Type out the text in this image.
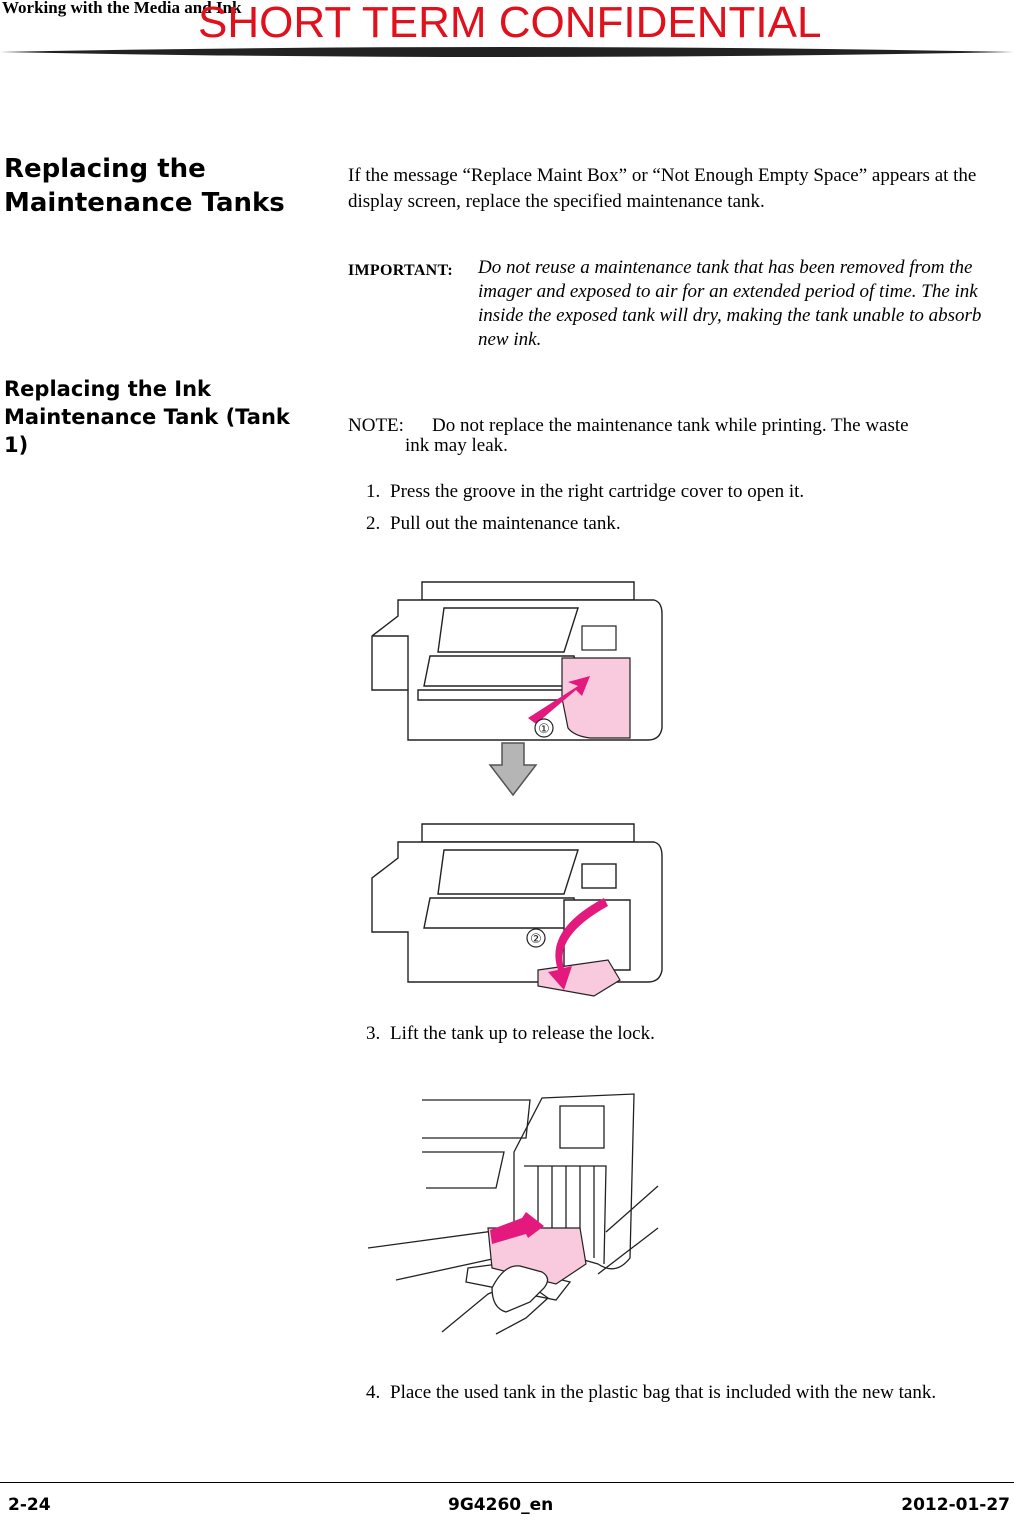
Working with the Media and Ink
SHORT TERM CONFIDENTIAL
Replacing the Maintenance Tanks
If the message “Replace Maint Box” or “Not Enough Empty Space” appears at the display screen, replace the specified maintenance tank.
IMPORTANT: Do not reuse a maintenance tank that has been removed from the imager and exposed to air for an extended period of time. The ink inside the exposed tank will dry, making the tank unable to absorb new ink.
Replacing the Ink Maintenance Tank (Tank 1)
NOTE: Do not replace the maintenance tank while printing. The waste
ink may leak.
1. Press the groove in the right cartridge cover to open it.
2. Pull out the maintenance tank.
①
②
3. Lift the tank up to release the lock.
4. Place the used tank in the plastic bag that is included with the new tank.
2-24	9G4260_en	2012-01-27
